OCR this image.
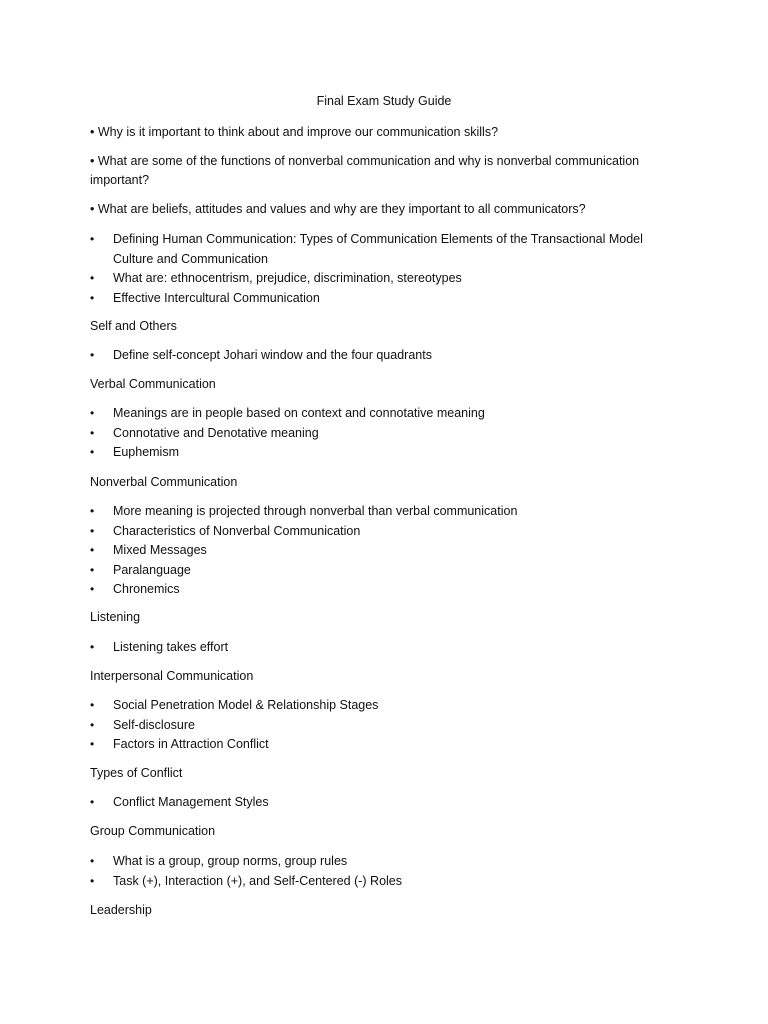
Final Exam Study Guide
• Why is it important to think about and improve our communication skills?
• What are some of the functions of nonverbal communication and why is nonverbal communication important?
• What are beliefs, attitudes and values and why are they important to all communicators?
• Defining Human Communication: Types of Communication Elements of the Transactional Model Culture and Communication
• What are: ethnocentrism, prejudice, discrimination, stereotypes
• Effective Intercultural Communication
Self and Others
• Define self-concept Johari window and the four quadrants
Verbal Communication
• Meanings are in people based on context and connotative meaning
• Connotative and Denotative meaning
• Euphemism
Nonverbal Communication
• More meaning is projected through nonverbal than verbal communication
• Characteristics of Nonverbal Communication
• Mixed Messages
• Paralanguage
• Chronemics
Listening
• Listening takes effort
Interpersonal Communication
• Social Penetration Model & Relationship Stages
• Self-disclosure
• Factors in Attraction Conflict
Types of Conflict
• Conflict Management Styles
Group Communication
• What is a group, group norms, group rules
• Task (+), Interaction (+), and Self-Centered (-) Roles
Leadership
